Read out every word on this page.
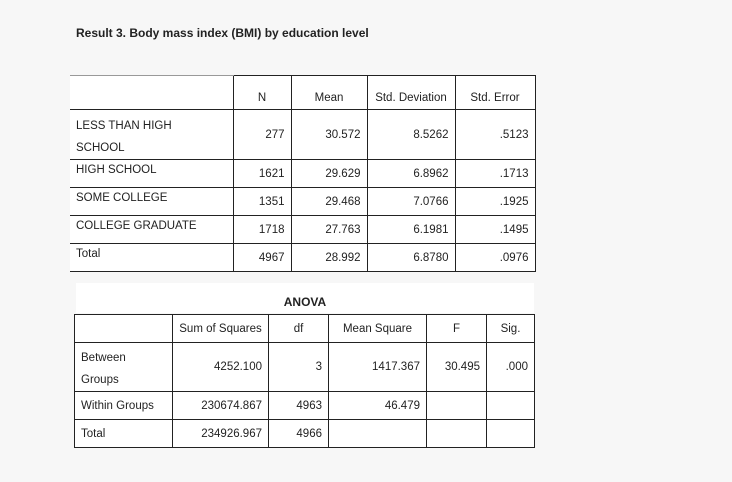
Result 3. Body mass index (BMI) by education level
	N	Mean	Std. Deviation	Std. Error
LESS THAN HIGH
SCHOOL	277	30.572	8.5262	.5123
HIGH SCHOOL	1621	29.629	6.8962	.1713
SOME COLLEGE	1351	29.468	7.0766	.1925
COLLEGE GRADUATE	1718	27.763	6.1981	.1495
Total	4967	28.992	6.8780	.0976
ANOVA
	Sum of Squares	df	Mean Square	F	Sig.
Between
Groups	4252.100	3	1417.367	30.495	.000
Within Groups	230674.867	4963	46.479		
Total	234926.967	4966			
